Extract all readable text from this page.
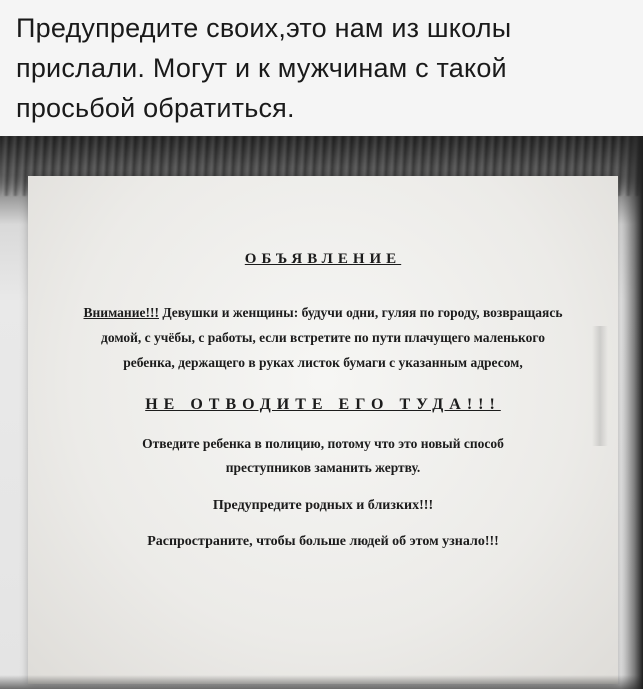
Предупредите своих,это нам из школы
прислали. Могут и к мужчинам с такой
просьбой обратиться.
ОБЪЯВЛЕНИЕ
Внимание!!! Девушки и женщины: будучи одни, гуляя по городу, возвращаясь домой, с учёбы, с работы, если встретите по пути плачущего маленького ребенка, держащего в руках листок бумаги с указанным адресом,
НЕ ОТВОДИТЕ ЕГО ТУДА!!!
Отведите ребенка в полицию, потому что это новый способ преступников заманить жертву.
Предупредите родных и близких!!!
Распространите, чтобы больше людей об этом узнало!!!
